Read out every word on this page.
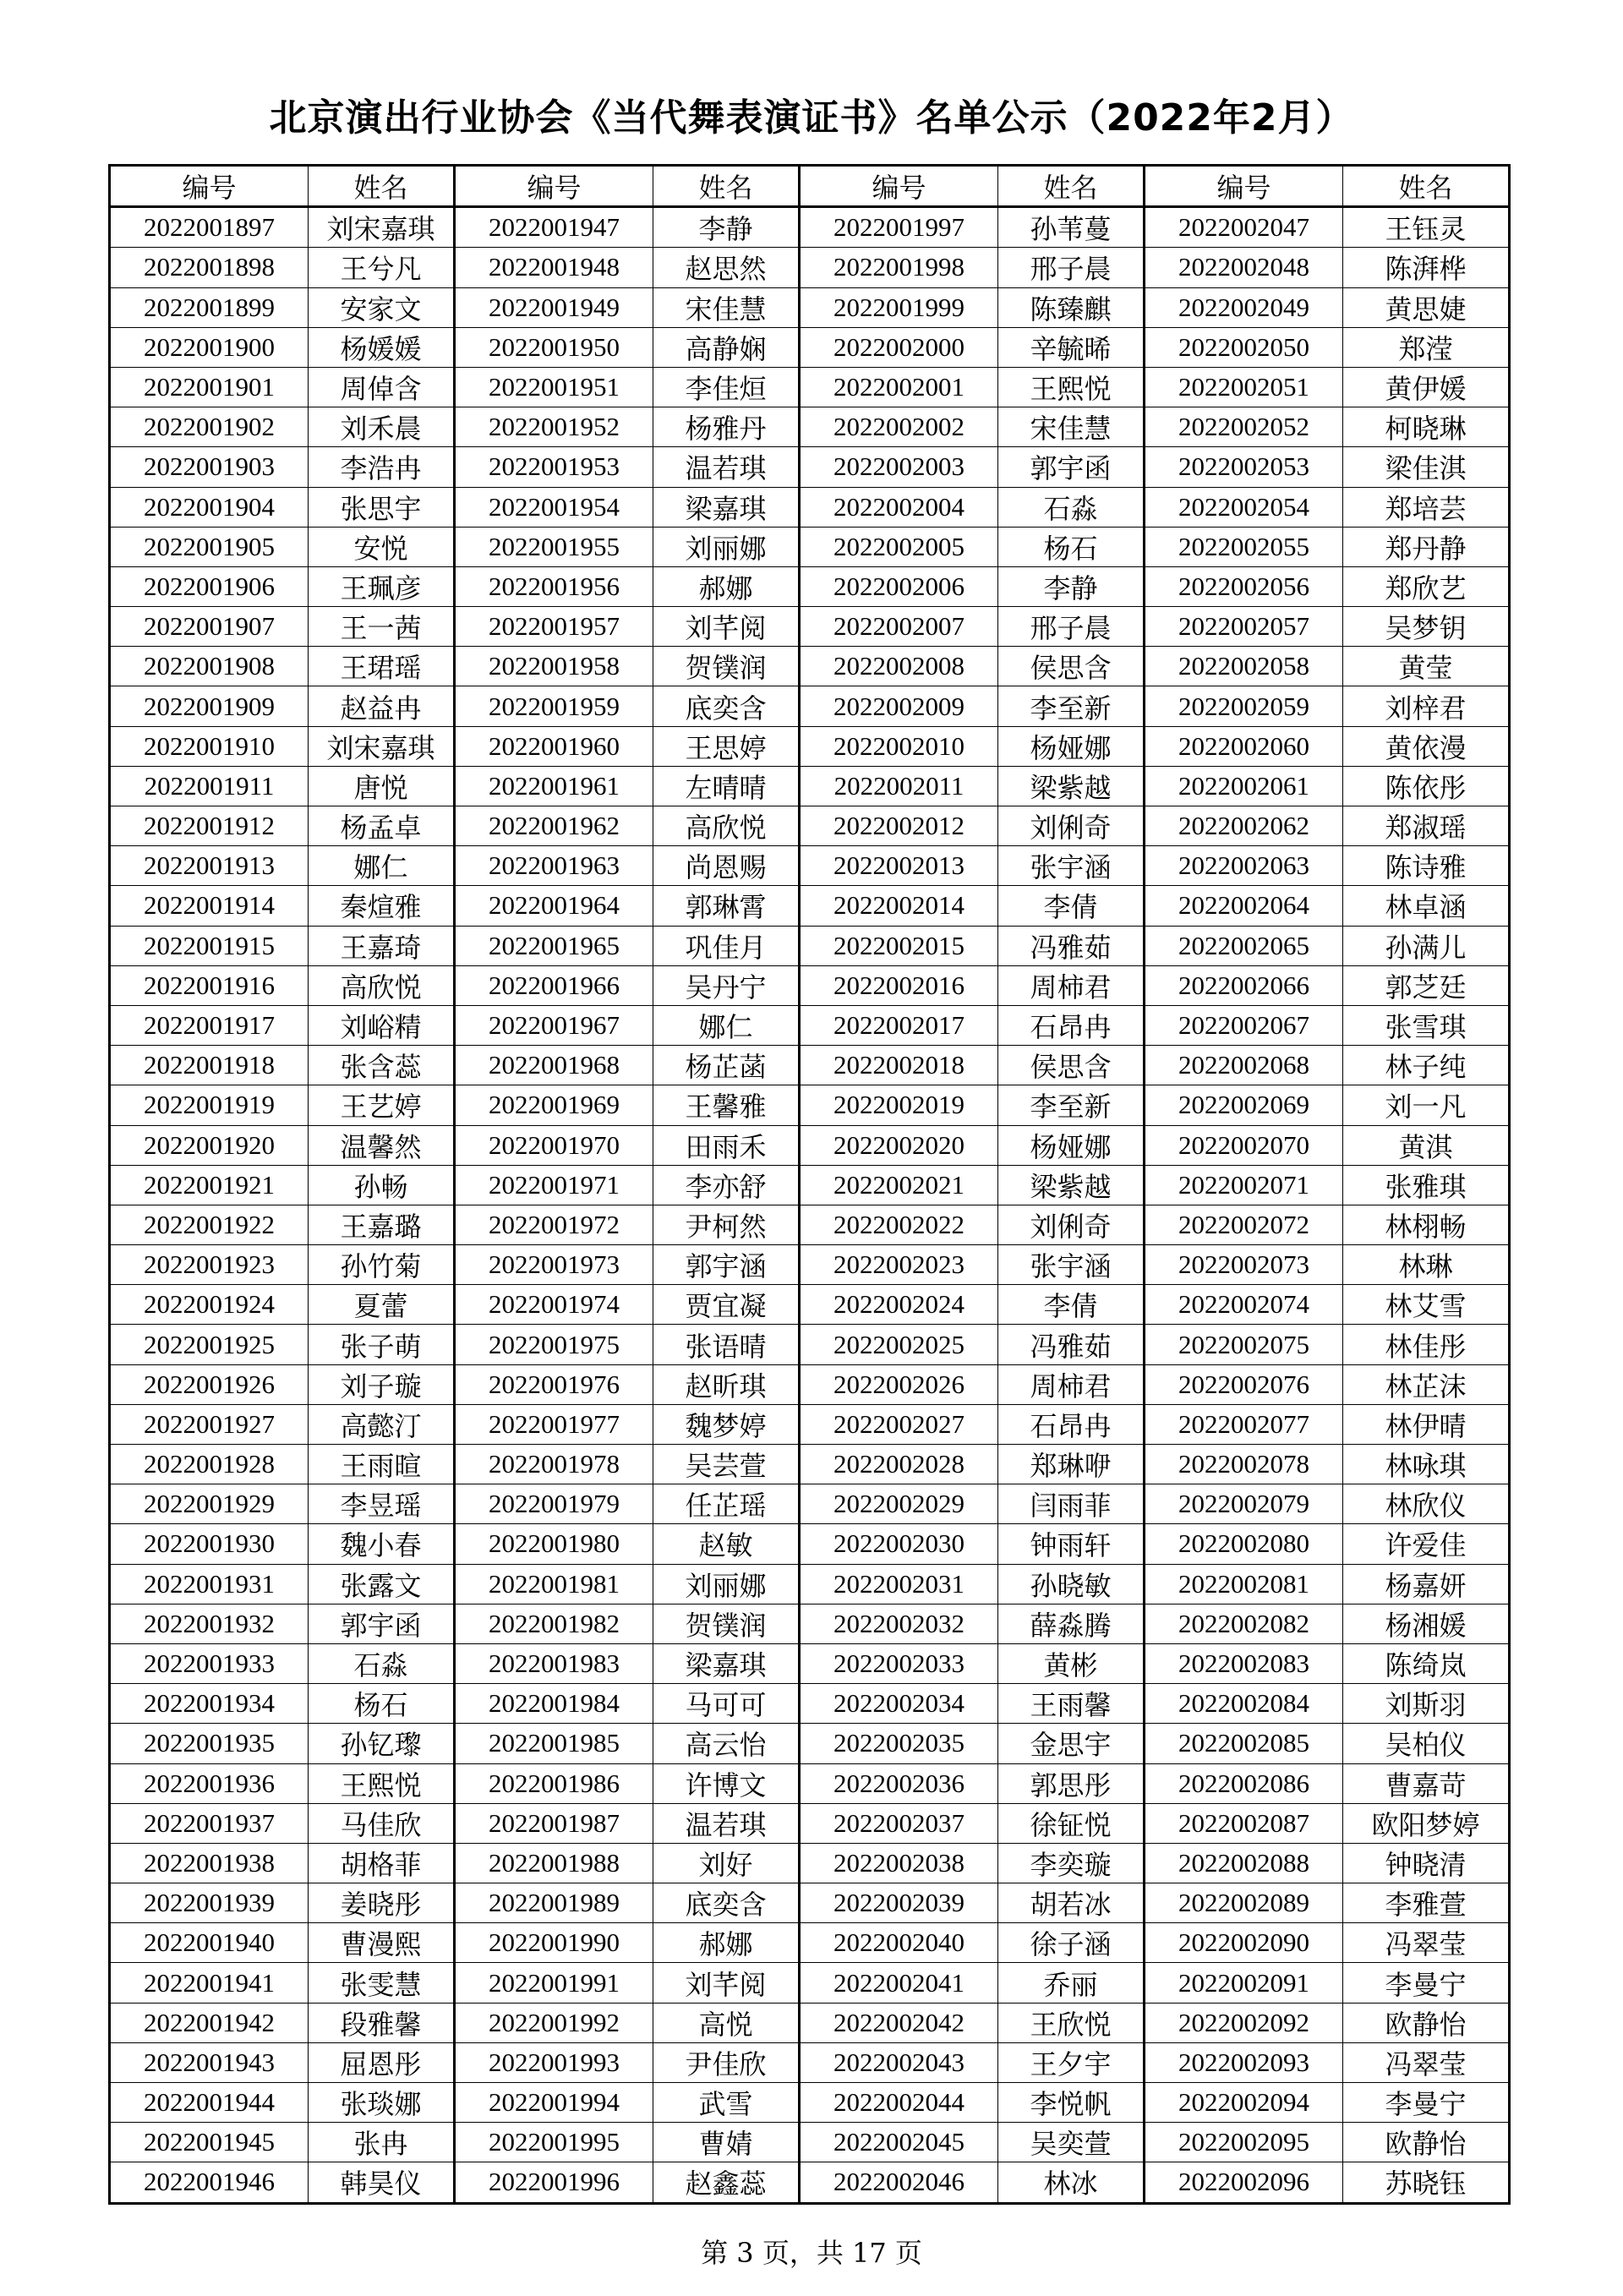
北京演出行业协会《当代舞表演证书》名单公示（2022年2月）
编号	姓名	编号	姓名	编号	姓名	编号	姓名
2022001897	刘宋嘉琪	2022001947	李静	2022001997	孙苇蔓	2022002047	王钰灵
2022001898	王兮凡	2022001948	赵思然	2022001998	邢子晨	2022002048	陈湃桦
2022001899	安家文	2022001949	宋佳慧	2022001999	陈臻麒	2022002049	黄思婕
2022001900	杨媛媛	2022001950	高静娴	2022002000	辛毓晞	2022002050	郑滢
2022001901	周倬含	2022001951	李佳烜	2022002001	王熙悦	2022002051	黄伊媛
2022001902	刘禾晨	2022001952	杨雅丹	2022002002	宋佳慧	2022002052	柯晓琳
2022001903	李浩冉	2022001953	温若琪	2022002003	郭宇函	2022002053	梁佳淇
2022001904	张思宇	2022001954	梁嘉琪	2022002004	石淼	2022002054	郑培芸
2022001905	安悦	2022001955	刘丽娜	2022002005	杨石	2022002055	郑丹静
2022001906	王珮彦	2022001956	郝娜	2022002006	李静	2022002056	郑欣艺
2022001907	王一茜	2022001957	刘芊阅	2022002007	邢子晨	2022002057	吴梦钥
2022001908	王珺瑶	2022001958	贺镤润	2022002008	侯思含	2022002058	黄莹
2022001909	赵益冉	2022001959	底奕含	2022002009	李至新	2022002059	刘梓君
2022001910	刘宋嘉琪	2022001960	王思婷	2022002010	杨娅娜	2022002060	黄依漫
2022001911	唐悦	2022001961	左晴晴	2022002011	梁紫越	2022002061	陈依彤
2022001912	杨孟卓	2022001962	高欣悦	2022002012	刘俐奇	2022002062	郑淑瑶
2022001913	娜仁	2022001963	尚恩赐	2022002013	张宇涵	2022002063	陈诗雅
2022001914	秦煊雅	2022001964	郭琳霄	2022002014	李倩	2022002064	林卓涵
2022001915	王嘉琦	2022001965	巩佳月	2022002015	冯雅茹	2022002065	孙满儿
2022001916	高欣悦	2022001966	吴丹宁	2022002016	周柿君	2022002066	郭芝廷
2022001917	刘峪精	2022001967	娜仁	2022002017	石昂冉	2022002067	张雪琪
2022001918	张含蕊	2022001968	杨芷菡	2022002018	侯思含	2022002068	林子纯
2022001919	王艺婷	2022001969	王馨雅	2022002019	李至新	2022002069	刘一凡
2022001920	温馨然	2022001970	田雨禾	2022002020	杨娅娜	2022002070	黄淇
2022001921	孙畅	2022001971	李亦舒	2022002021	梁紫越	2022002071	张雅琪
2022001922	王嘉璐	2022001972	尹柯然	2022002022	刘俐奇	2022002072	林栩畅
2022001923	孙竹菊	2022001973	郭宇涵	2022002023	张宇涵	2022002073	林琳
2022001924	夏蕾	2022001974	贾宜凝	2022002024	李倩	2022002074	林艾雪
2022001925	张子萌	2022001975	张语晴	2022002025	冯雅茹	2022002075	林佳彤
2022001926	刘子璇	2022001976	赵昕琪	2022002026	周柿君	2022002076	林芷沫
2022001927	高懿汀	2022001977	魏梦婷	2022002027	石昂冉	2022002077	林伊晴
2022001928	王雨暄	2022001978	吴芸萱	2022002028	郑琳咿	2022002078	林咏琪
2022001929	李昱瑶	2022001979	任芷瑶	2022002029	闫雨菲	2022002079	林欣仪
2022001930	魏小春	2022001980	赵敏	2022002030	钟雨轩	2022002080	许爱佳
2022001931	张露文	2022001981	刘丽娜	2022002031	孙晓敏	2022002081	杨嘉妍
2022001932	郭宇函	2022001982	贺镤润	2022002032	薛淼腾	2022002082	杨湘媛
2022001933	石淼	2022001983	梁嘉琪	2022002033	黄彬	2022002083	陈绮岚
2022001934	杨石	2022001984	马可可	2022002034	王雨馨	2022002084	刘斯羽
2022001935	孙钇瓈	2022001985	高云怡	2022002035	金思宇	2022002085	吴柏仪
2022001936	王熙悦	2022001986	许博文	2022002036	郭思彤	2022002086	曹嘉苛
2022001937	马佳欣	2022001987	温若琪	2022002037	徐钲悦	2022002087	欧阳梦婷
2022001938	胡格菲	2022001988	刘好	2022002038	李奕璇	2022002088	钟晓清
2022001939	姜晓彤	2022001989	底奕含	2022002039	胡若冰	2022002089	李雅萱
2022001940	曹漫熙	2022001990	郝娜	2022002040	徐子涵	2022002090	冯翠莹
2022001941	张雯慧	2022001991	刘芊阅	2022002041	乔丽	2022002091	李曼宁
2022001942	段雅馨	2022001992	高悦	2022002042	王欣悦	2022002092	欧静怡
2022001943	屈恩彤	2022001993	尹佳欣	2022002043	王夕宇	2022002093	冯翠莹
2022001944	张琰娜	2022001994	武雪	2022002044	李悦帆	2022002094	李曼宁
2022001945	张冉	2022001995	曹婧	2022002045	吴奕萱	2022002095	欧静怡
2022001946	韩昊仪	2022001996	赵鑫蕊	2022002046	林冰	2022002096	苏晓钰
第 3 页，共 17 页
